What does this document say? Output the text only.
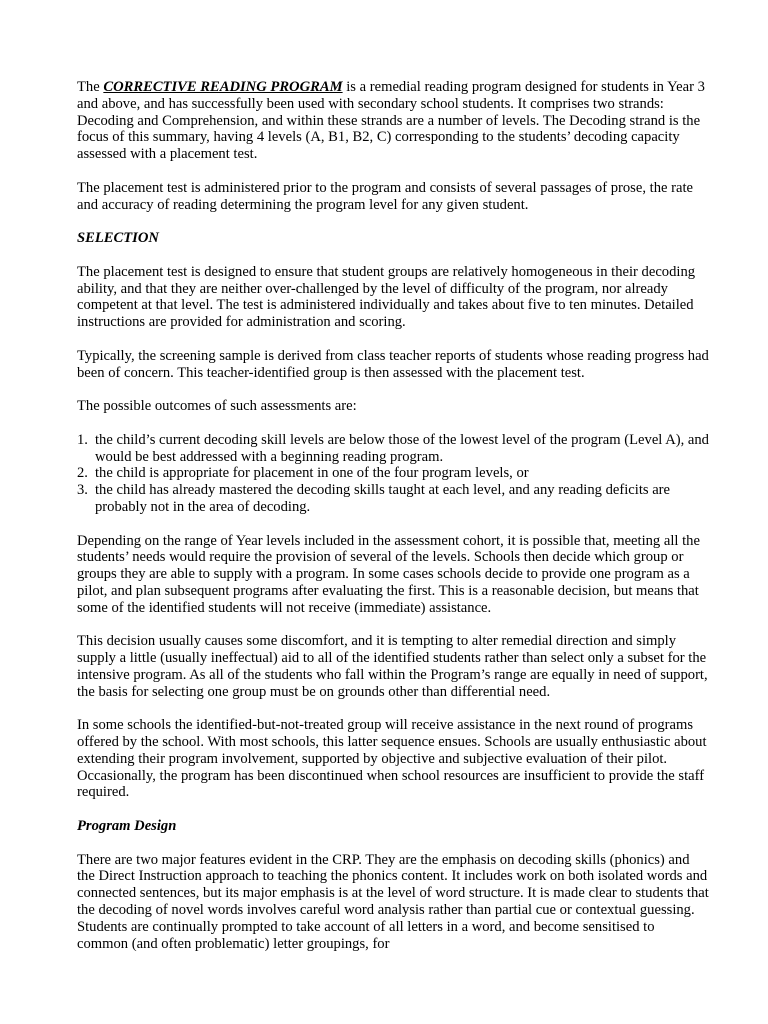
The CORRECTIVE READING PROGRAM is a remedial reading program designed for students in Year 3 and above, and has successfully been used with secondary school students. It comprises two strands: Decoding and Comprehension, and within these strands are a number of levels. The Decoding strand is the focus of this summary, having 4 levels (A, B1, B2, C) corresponding to the students’ decoding capacity assessed with a placement test.

The placement test is administered prior to the program and consists of several passages of prose, the rate and accuracy of reading determining the program level for any given student.

SELECTION

The placement test is designed to ensure that student groups are relatively homogeneous in their decoding ability, and that they are neither over-challenged by the level of difficulty of the program, nor already competent at that level. The test is administered individually and takes about five to ten minutes. Detailed instructions are provided for administration and scoring.

Typically, the screening sample is derived from class teacher reports of students whose reading progress had been of concern. This teacher-identified group is then assessed with the placement test.

The possible outcomes of such assessments are:

1. the child’s current decoding skill levels are below those of the lowest level of the program (Level A), and would be best addressed with a beginning reading program.
2. the child is appropriate for placement in one of the four program levels, or
3. the child has already mastered the decoding skills taught at each level, and any reading deficits are probably not in the area of decoding.

Depending on the range of Year levels included in the assessment cohort, it is possible that, meeting all the students’ needs would require the provision of several of the levels. Schools then decide which group or groups they are able to supply with a program. In some cases schools decide to provide one program as a pilot, and plan subsequent programs after evaluating the first. This is a reasonable decision, but means that some of the identified students will not receive (immediate) assistance.

This decision usually causes some discomfort, and it is tempting to alter remedial direction and simply supply a little (usually ineffectual) aid to all of the identified students rather than select only a subset for the intensive program. As all of the students who fall within the Program’s range are equally in need of support, the basis for selecting one group must be on grounds other than differential need.

In some schools the identified-but-not-treated group will receive assistance in the next round of programs offered by the school. With most schools, this latter sequence ensues. Schools are usually enthusiastic about extending their program involvement, supported by objective and subjective evaluation of their pilot. Occasionally, the program has been discontinued when school resources are insufficient to provide the staff required.

Program Design

There are two major features evident in the CRP. They are the emphasis on decoding skills (phonics) and the Direct Instruction approach to teaching the phonics content. It includes work on both isolated words and connected sentences, but its major emphasis is at the level of word structure. It is made clear to students that the decoding of novel words involves careful word analysis rather than partial cue or contextual guessing. Students are continually prompted to take account of all letters in a word, and become sensitised to common (and often problematic) letter groupings, for
